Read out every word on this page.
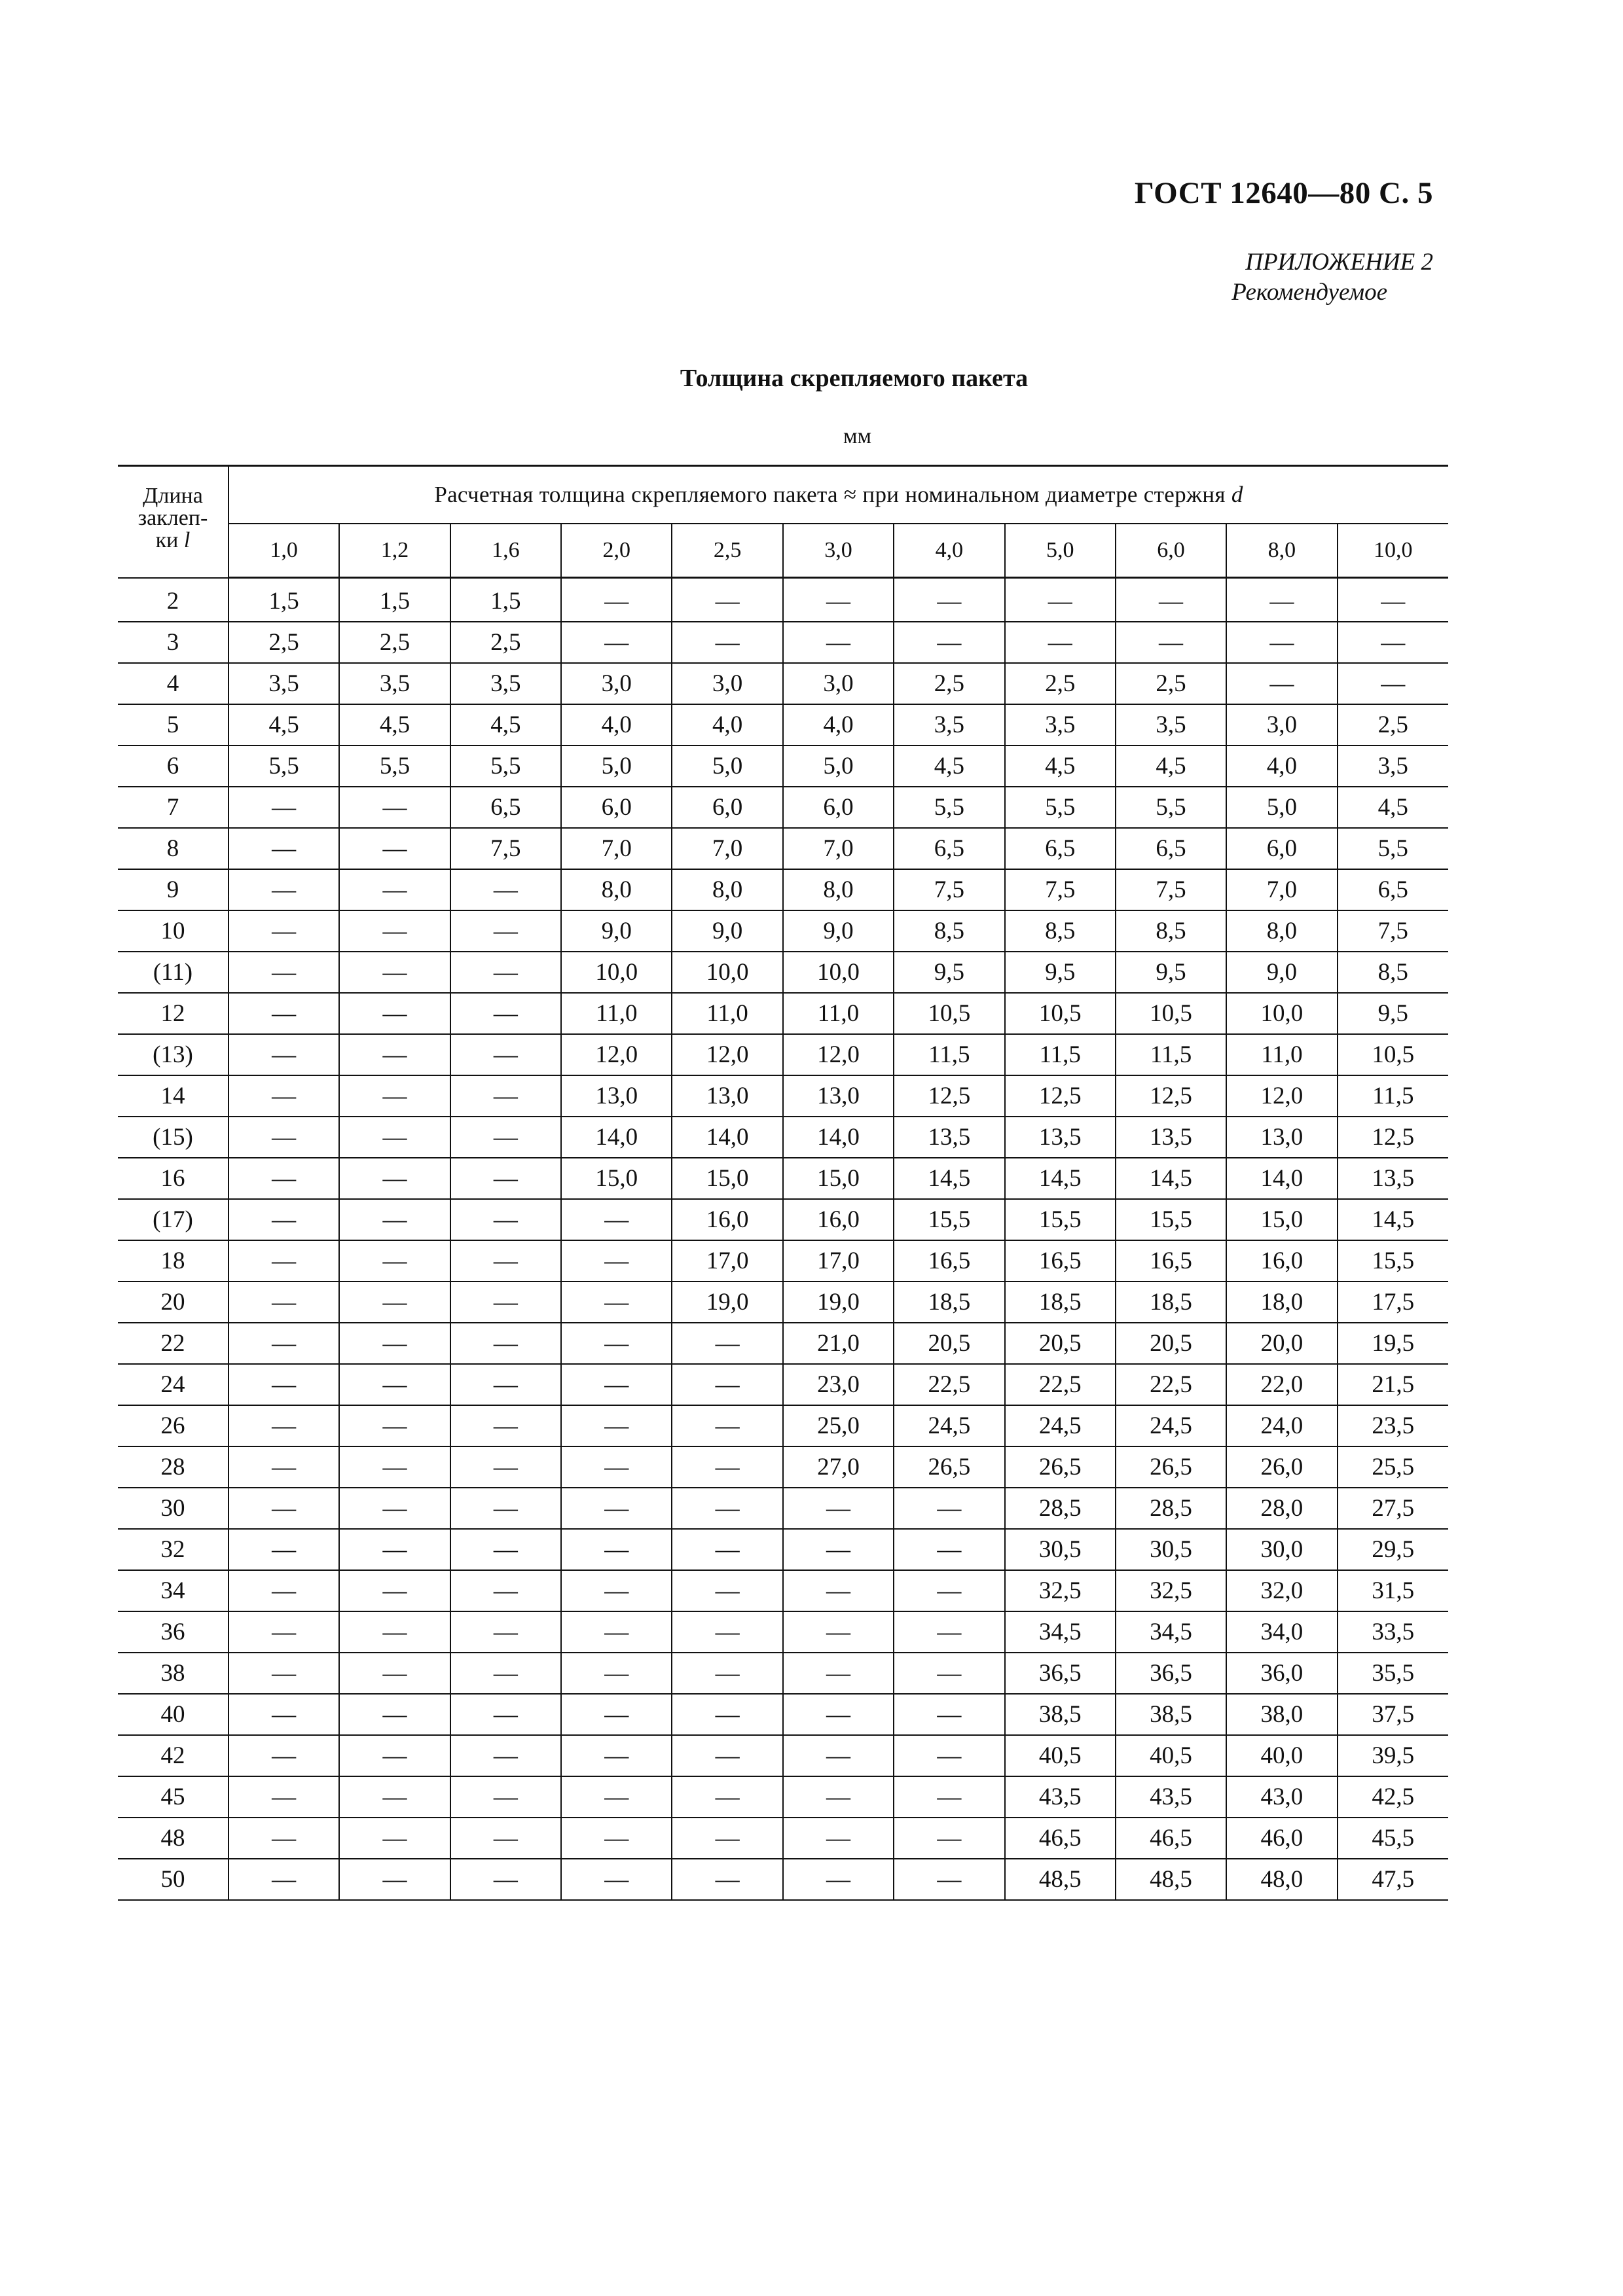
ГОСТ 12640—80 С. 5
ПРИЛОЖЕНИЕ 2
Рекомендуемое
Толщина скрепляемого пакета
мм
Длина
заклеп-
ки l	Расчетная толщина скрепляемого пакета ≈ при номинальном диаметре стержня d										
	1,0	1,2	1,6	2,0	2,5	3,0	4,0	5,0	6,0	8,0	10,0
2	1,5	1,5	1,5	—	—	—	—	—	—	—	—
3	2,5	2,5	2,5	—	—	—	—	—	—	—	—
4	3,5	3,5	3,5	3,0	3,0	3,0	2,5	2,5	2,5	—	—
5	4,5	4,5	4,5	4,0	4,0	4,0	3,5	3,5	3,5	3,0	2,5
6	5,5	5,5	5,5	5,0	5,0	5,0	4,5	4,5	4,5	4,0	3,5
7	—	—	6,5	6,0	6,0	6,0	5,5	5,5	5,5	5,0	4,5
8	—	—	7,5	7,0	7,0	7,0	6,5	6,5	6,5	6,0	5,5
9	—	—	—	8,0	8,0	8,0	7,5	7,5	7,5	7,0	6,5
10	—	—	—	9,0	9,0	9,0	8,5	8,5	8,5	8,0	7,5
(11)	—	—	—	10,0	10,0	10,0	9,5	9,5	9,5	9,0	8,5
12	—	—	—	11,0	11,0	11,0	10,5	10,5	10,5	10,0	9,5
(13)	—	—	—	12,0	12,0	12,0	11,5	11,5	11,5	11,0	10,5
14	—	—	—	13,0	13,0	13,0	12,5	12,5	12,5	12,0	11,5
(15)	—	—	—	14,0	14,0	14,0	13,5	13,5	13,5	13,0	12,5
16	—	—	—	15,0	15,0	15,0	14,5	14,5	14,5	14,0	13,5
(17)	—	—	—	—	16,0	16,0	15,5	15,5	15,5	15,0	14,5
18	—	—	—	—	17,0	17,0	16,5	16,5	16,5	16,0	15,5
20	—	—	—	—	19,0	19,0	18,5	18,5	18,5	18,0	17,5
22	—	—	—	—	—	21,0	20,5	20,5	20,5	20,0	19,5
24	—	—	—	—	—	23,0	22,5	22,5	22,5	22,0	21,5
26	—	—	—	—	—	25,0	24,5	24,5	24,5	24,0	23,5
28	—	—	—	—	—	27,0	26,5	26,5	26,5	26,0	25,5
30	—	—	—	—	—	—	—	28,5	28,5	28,0	27,5
32	—	—	—	—	—	—	—	30,5	30,5	30,0	29,5
34	—	—	—	—	—	—	—	32,5	32,5	32,0	31,5
36	—	—	—	—	—	—	—	34,5	34,5	34,0	33,5
38	—	—	—	—	—	—	—	36,5	36,5	36,0	35,5
40	—	—	—	—	—	—	—	38,5	38,5	38,0	37,5
42	—	—	—	—	—	—	—	40,5	40,5	40,0	39,5
45	—	—	—	—	—	—	—	43,5	43,5	43,0	42,5
48	—	—	—	—	—	—	—	46,5	46,5	46,0	45,5
50	—	—	—	—	—	—	—	48,5	48,5	48,0	47,5
